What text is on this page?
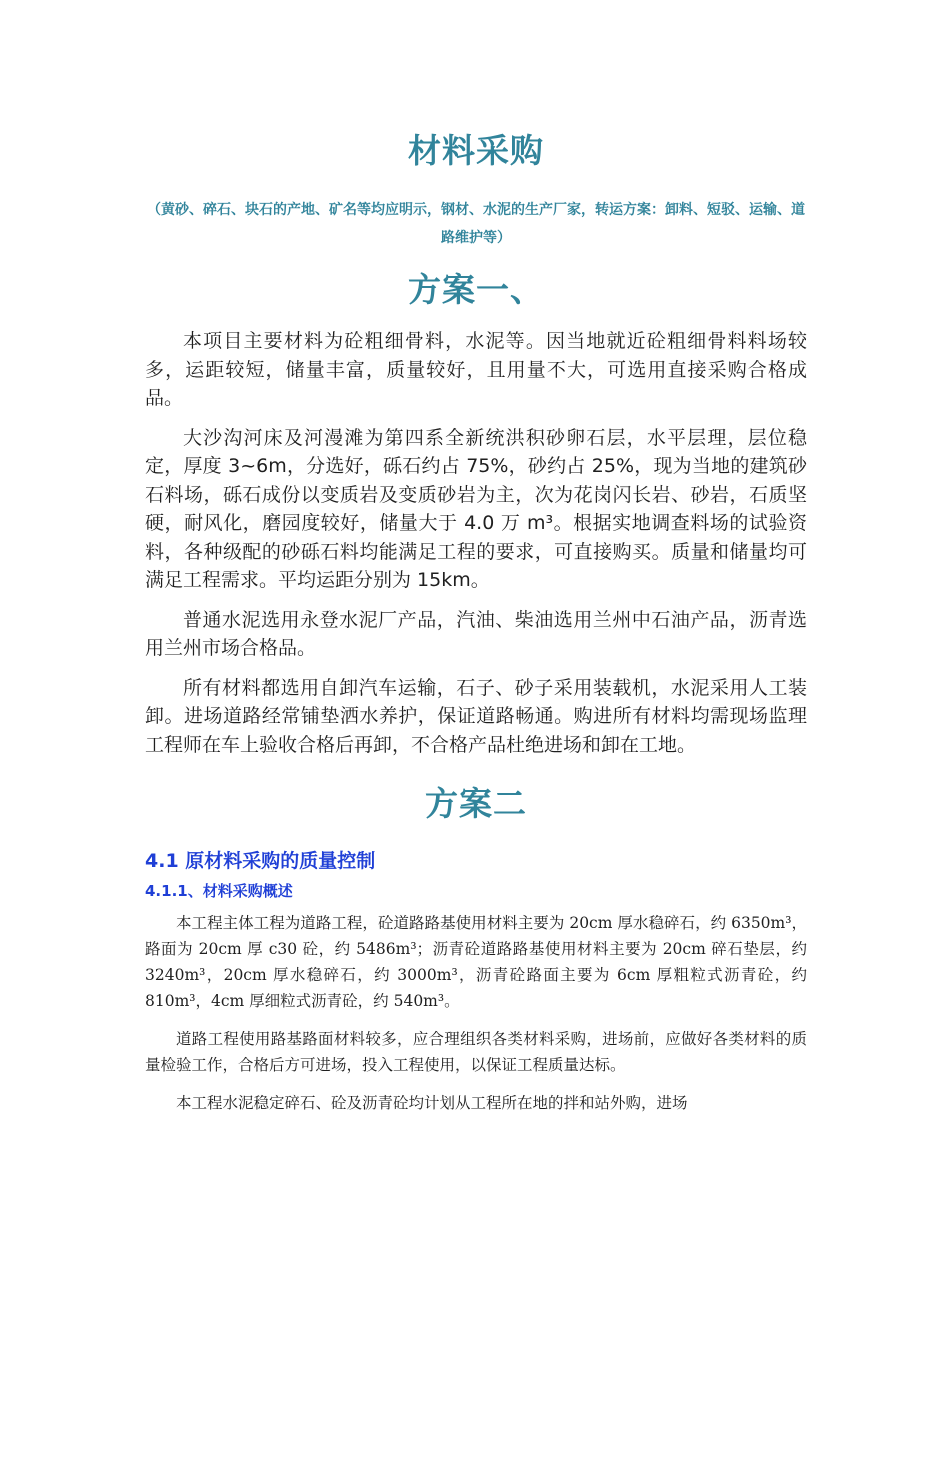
材料采购

（黄砂、碎石、块石的产地、矿名等均应明示，钢材、水泥的生产厂家，转运方案：卸料、短驳、运输、道路维护等）

方案一、

本项目主要材料为砼粗细骨料，水泥等。因当地就近砼粗细骨料料场较多，运距较短，储量丰富，质量较好，且用量不大，可选用直接采购合格成品。

大沙沟河床及河漫滩为第四系全新统洪积砂卵石层，水平层理，层位稳定，厚度 3~6m，分选好，砾石约占 75%，砂约占 25%，现为当地的建筑砂石料场，砾石成份以变质岩及变质砂岩为主，次为花岗闪长岩、砂岩，石质坚硬，耐风化，磨园度较好，储量大于 4.0 万 m³。根据实地调查料场的试验资料，各种级配的砂砾石料均能满足工程的要求，可直接购买。质量和储量均可满足工程需求。平均运距分别为 15km。

普通水泥选用永登水泥厂产品，汽油、柴油选用兰州中石油产品，沥青选用兰州市场合格品。

所有材料都选用自卸汽车运输，石子、砂子采用装载机，水泥采用人工装卸。进场道路经常铺垫洒水养护，保证道路畅通。购进所有材料均需现场监理工程师在车上验收合格后再卸，不合格产品杜绝进场和卸在工地。

方案二
4.1 原材料采购的质量控制
4.1.1、材料采购概述

本工程主体工程为道路工程，砼道路路基使用材料主要为 20cm 厚水稳碎石，约 6350m³，路面为 20cm 厚 c30 砼，约 5486m³；沥青砼道路路基使用材料主要为 20cm 碎石垫层，约 3240m³，20cm 厚水稳碎石，约 3000m³，沥青砼路面主要为 6cm 厚粗粒式沥青砼，约 810m³，4cm 厚细粒式沥青砼，约 540m³。

道路工程使用路基路面材料较多，应合理组织各类材料采购，进场前，应做好各类材料的质量检验工作，合格后方可进场，投入工程使用，以保证工程质量达标。

本工程水泥稳定碎石、砼及沥青砼均计划从工程所在地的拌和站外购，进场
